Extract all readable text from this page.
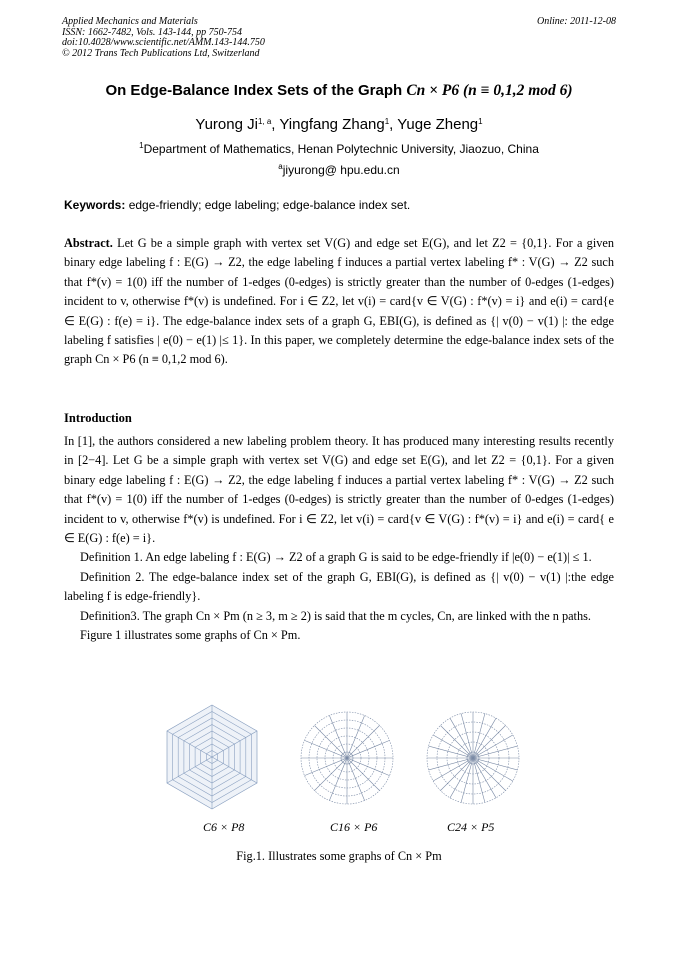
Applied Mechanics and Materials
ISSN: 1662-7482, Vols. 143-144, pp 750-754
doi:10.4028/www.scientific.net/AMM.143-144.750
© 2012 Trans Tech Publications Ltd, Switzerland
Online: 2011-12-08
On Edge-Balance Index Sets of the Graph Cn × P6 (n ≡ 0,1,2 mod 6)
Yurong Ji$^{1, a}$, Yingfang Zhang$^1$, Yuge Zheng$^1$
$^1$Department of Mathematics, Henan Polytechnic University, Jiaozuo, China
$^a$jiyurong@ hpu.edu.cn
Keywords: edge-friendly; edge labeling; edge-balance index set.
Abstract. Let G be a simple graph with vertex set V(G) and edge set E(G), and let Z2 = {0,1}. For a given binary edge labeling f : E(G) → Z2, the edge labeling f induces a partial vertex labeling f* : V(G) → Z2 such that f*(v) = 1(0) iff the number of 1-edges (0-edges) is strictly greater than the number of 0-edges (1-edges) incident to v, otherwise f*(v) is undefined. For i ∈ Z2, let v(i) = card{v ∈ V(G) : f*(v) = i} and e(i) = card{e ∈ E(G) : f(e) = i}. The edge-balance index sets of a graph G, EBI(G), is defined as {| v(0) − v(1) |: the edge labeling f satisfies | e(0) − e(1) |≤ 1}. In this paper, we completely determine the edge-balance index sets of the graph Cn × P6 (n ≡ 0,1,2 mod 6).
Introduction
In [1], the authors considered a new labeling problem theory. It has produced many interesting results recently in [2−4]. Let G be a simple graph with vertex set V(G) and edge set E(G), and let Z2 = {0,1}. For a given binary edge labeling f : E(G) → Z2, the edge labeling f induces a partial vertex labeling f* : V(G) → Z2 such that f*(v) = 1(0) iff the number of 1-edges (0-edges) is strictly greater than the number of 0-edges (1-edges) incident to v, otherwise f*(v) is undefined. For i ∈ Z2, let v(i) = card{v ∈ V(G) : f*(v) = i} and e(i) = card{ e ∈ E(G) : f(e) = i}.
Definition 1. An edge labeling f : E(G) → Z2 of a graph G is said to be edge-friendly if |e(0) − e(1)| ≤ 1.
Definition 2. The edge-balance index set of the graph G, EBI(G), is defined as {| v(0) − v(1) |:the edge labeling f is edge-friendly}.
Definition3. The graph Cn × Pm (n ≥ 3, m ≥ 2) is said that the m cycles, Cn, are linked with the n paths.
Figure 1 illustrates some graphs of Cn × Pm.
C6 × P8	C16 × P6	C24 × P5
Fig.1. Illustrates some graphs of Cn × Pm
